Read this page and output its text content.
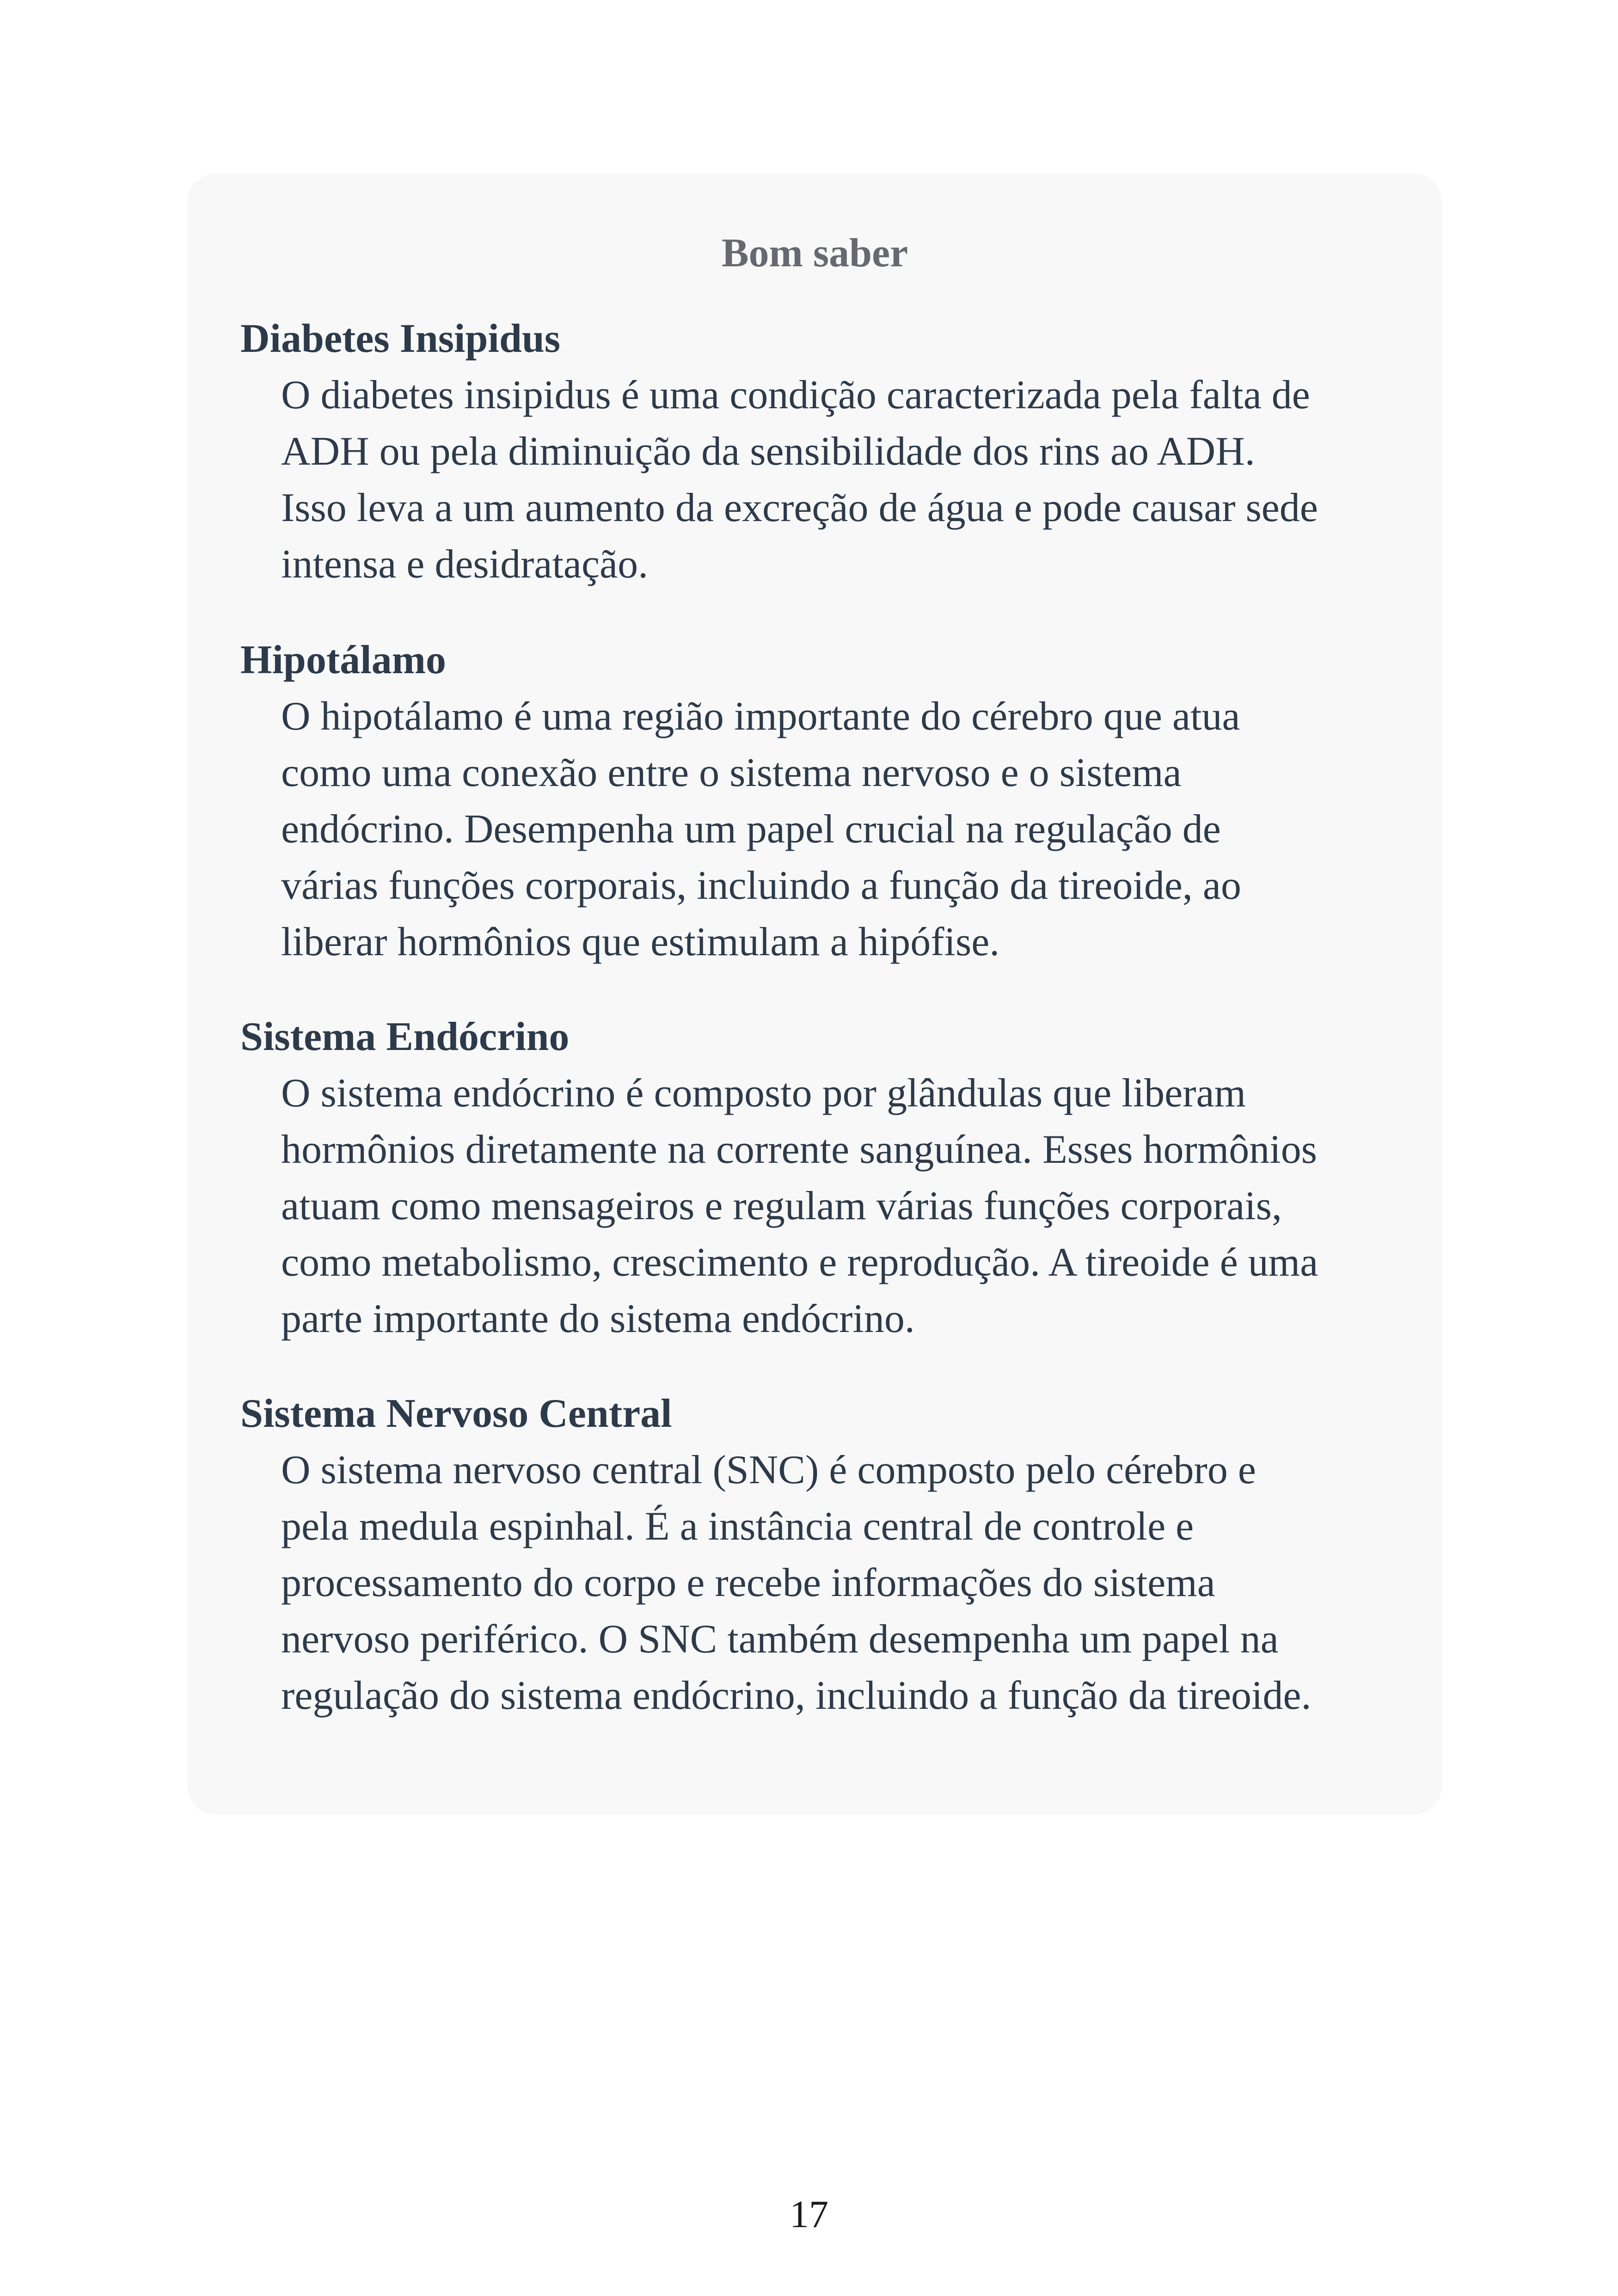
Bom saber

Diabetes Insipidus

O diabetes insipidus é uma condição caracterizada pela falta de
ADH ou pela diminuição da sensibilidade dos rins ao ADH.
Isso leva a um aumento da excreção de água e pode causar sede
intensa e desidratação.

Hipotálamo

O hipotálamo é uma região importante do cérebro que atua
como uma conexão entre o sistema nervoso e o sistema
endócrino. Desempenha um papel crucial na regulação de
várias funções corporais, incluindo a função da tireoide, ao
liberar hormônios que estimulam a hipófise.

Sistema Endócrino

O sistema endócrino é composto por glândulas que liberam
hormônios diretamente na corrente sanguínea. Esses hormônios
atuam como mensageiros e regulam várias funções corporais,
como metabolismo, crescimento e reprodução. A tireoide é uma
parte importante do sistema endócrino.

Sistema Nervoso Central

O sistema nervoso central (SNC) é composto pelo cérebro e
pela medula espinhal. É a instância central de controle e
processamento do corpo e recebe informações do sistema
nervoso periférico. O SNC também desempenha um papel na
regulação do sistema endócrino, incluindo a função da tireoide.
17
